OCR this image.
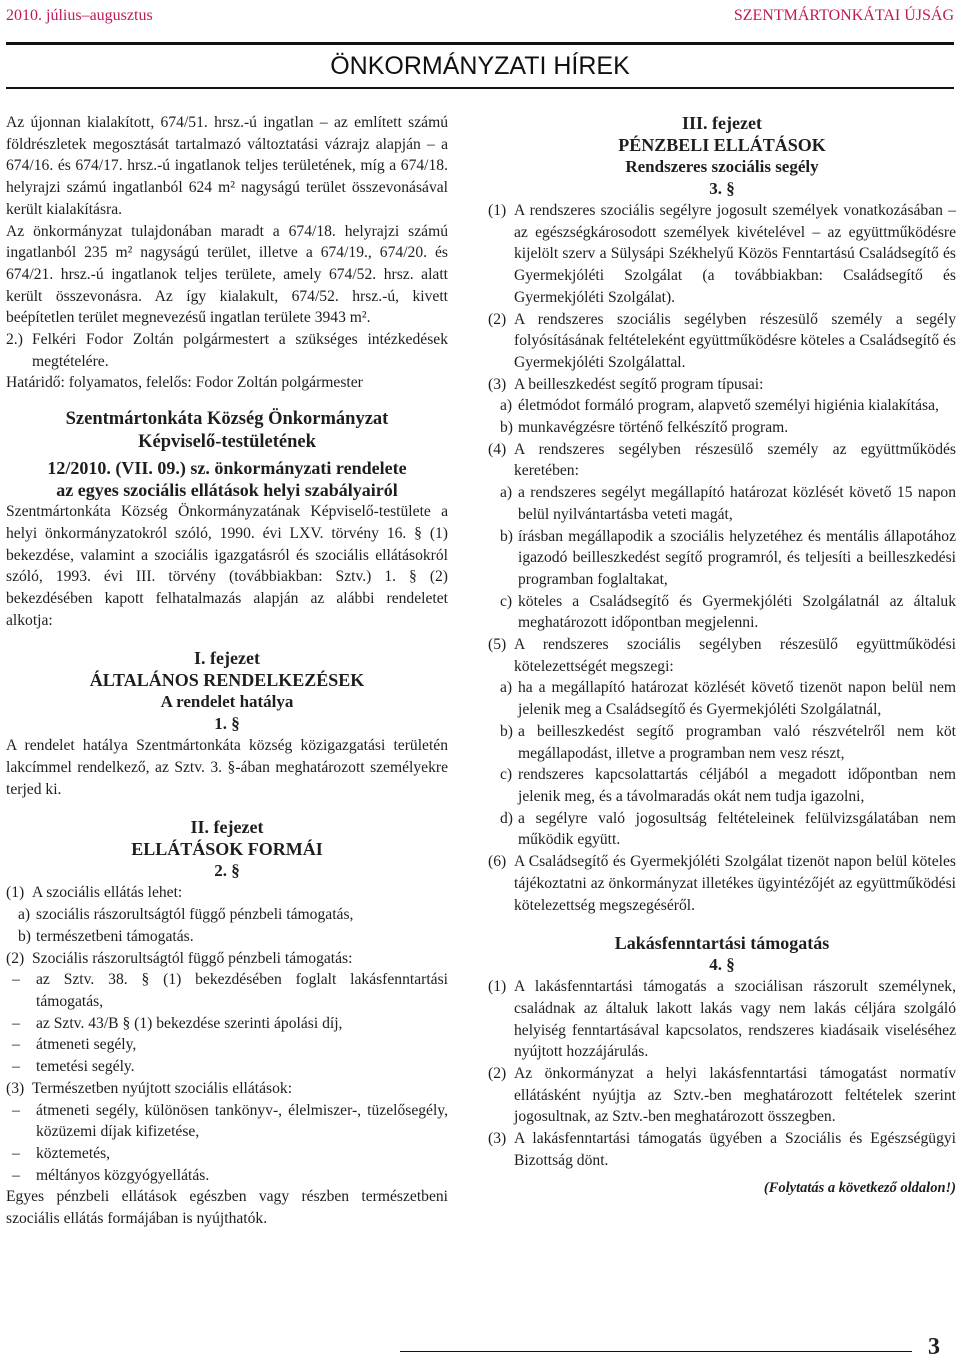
2010. július–augusztus	SZENTMÁRTONKÁTAI ÚJSÁG
ÖNKORMÁNYZATI HÍREK

Az újonnan kialakított, 674/51. hrsz.-ú ingatlan – az említett számú földrészletek megosztását tartalmazó változtatási vázrajz alapján – a 674/16. és 674/17. hrsz.-ú ingatlanok teljes területének, míg a 674/18. helyrajzi számú ingatlanból 624 m² nagyságú terület összevonásával került kialakításra.

Az önkormányzat tulajdonában maradt a 674/18. helyrajzi számú ingatlanból 235 m² nagyságú terület, illetve a 674/19., 674/20. és 674/21. hrsz.-ú ingatlanok teljes területe, amely 674/52. hrsz. alatt került összevonásra. Az így kialakult, 674/52. hrsz.-ú, kivett beépítetlen terület megnevezésű ingatlan területe 3943 m².

2.) Felkéri Fodor Zoltán polgármestert a szükséges intézkedések megtételére.

Határidő: folyamatos, felelős: Fodor Zoltán polgármester

Szentmártonkáta Község Önkormányzat
Képviselő-testületének
12/2010. (VII. 09.) sz. önkormányzati rendelete
az egyes szociális ellátások helyi szabályairól

Szentmártonkáta Község Önkormányzatának Képviselő-testülete a helyi önkormányzatokról szóló, 1990. évi LXV. törvény 16. § (1) bekezdése, valamint a szociális igazgatásról és szociális ellátásokról szóló, 1993. évi III. törvény (továbbiakban: Sztv.) 1. § (2) bekezdésében kapott felhatalmazás alapján az alábbi rendeletet alkotja:

I. fejezet
ÁLTALÁNOS RENDELKEZÉSEK
A rendelet hatálya
1. §

A rendelet hatálya Szentmártonkáta község közigazgatási területén lakcímmel rendelkező, az Sztv. 3. §-ában meghatározott személyekre terjed ki.

II. fejezet
ELLÁTÁSOK FORMÁI
2. §
(1) A szociális ellátás lehet:
a) szociális rászorultságtól függő pénzbeli támogatás,
b) természetbeni támogatás.
(2) Szociális rászorultságtól függő pénzbeli támogatás:
–	az Sztv. 38. § (1) bekezdésében foglalt lakásfenntartási támogatás,
–	az Sztv. 43/B § (1) bekezdése szerinti ápolási díj,
–	átmeneti segély,
–	temetési segély.
(3) Természetben nyújtott szociális ellátások:
–	átmeneti segély, különösen tankönyv-, élelmiszer-, tüzelősegély, közüzemi díjak kifizetése,
–	köztemetés,
–	méltányos közgyógyellátás.

Egyes pénzbeli ellátások egészben vagy részben természetbeni szociális ellátás formájában is nyújthatók.

III. fejezet
PÉNZBELI ELLÁTÁSOK
Rendszeres szociális segély
3. §
(1) A rendszeres szociális segélyre jogosult személyek vonatkozásában – az egészségkárosodott személyek kivételével – az együttműködésre kijelölt szerv a Sülysápi Székhelyű Közös Fenntartású Családsegítő és Gyermekjóléti Szolgálat (a továbbiakban: Családsegítő és Gyermekjóléti Szolgálat).
(2) A rendszeres szociális segélyben részesülő személy a segély folyósításának feltételeként együttműködésre köteles a Családsegítő és Gyermekjóléti Szolgálattal.
(3) A beilleszkedést segítő program típusai:
a) életmódot formáló program, alapvető személyi higiénia kialakítása,
b) munkavégzésre történő felkészítő program.
(4) A rendszeres segélyben részesülő személy az együttműködés keretében:
a) a rendszeres segélyt megállapító határozat közlését követő 15 napon belül nyilvántartásba veteti magát,
b) írásban megállapodik a szociális helyzetéhez és mentális állapotához igazodó beilleszkedést segítő programról, és teljesíti a beilleszkedési programban foglaltakat,
c) köteles a Családsegítő és Gyermekjóléti Szolgálatnál az általuk meghatározott időpontban megjelenni.
(5) A rendszeres szociális segélyben részesülő együttműködési kötelezettségét megszegi:
a) ha a megállapító határozat közlését követő tizenöt napon belül nem jelenik meg a Családsegítő és Gyermekjóléti Szolgálatnál,
b) a beilleszkedést segítő programban való részvételről nem köt megállapodást, illetve a programban nem vesz részt,
c) rendszeres kapcsolattartás céljából a megadott időpontban nem jelenik meg, és a távolmaradás okát nem tudja igazolni,
d) a segélyre való jogosultság feltételeinek felülvizsgálatában nem működik együtt.
(6) A Családsegítő és Gyermekjóléti Szolgálat tizenöt napon belül köteles tájékoztatni az önkormányzat illetékes ügyintézőjét az együttműködési kötelezettség megszegéséről.
Lakásfenntartási támogatás
4. §
(1) A lakásfenntartási támogatás a szociálisan rászorult személynek, családnak az általuk lakott lakás vagy nem lakás céljára szolgáló helyiség fenntartásával kapcsolatos, rendszeres kiadásaik viseléséhez nyújtott hozzájárulás.
(2) Az önkormányzat a helyi lakásfenntartási támogatást normatív ellátásként nyújtja az Sztv.-ben meghatározott feltételek szerint jogosultnak, az Sztv.-ben meghatározott összegben.
(3) A lakásfenntartási támogatás ügyében a Szociális és Egészségügyi Bizottság dönt.
(Folytatás a következő oldalon!)
3
